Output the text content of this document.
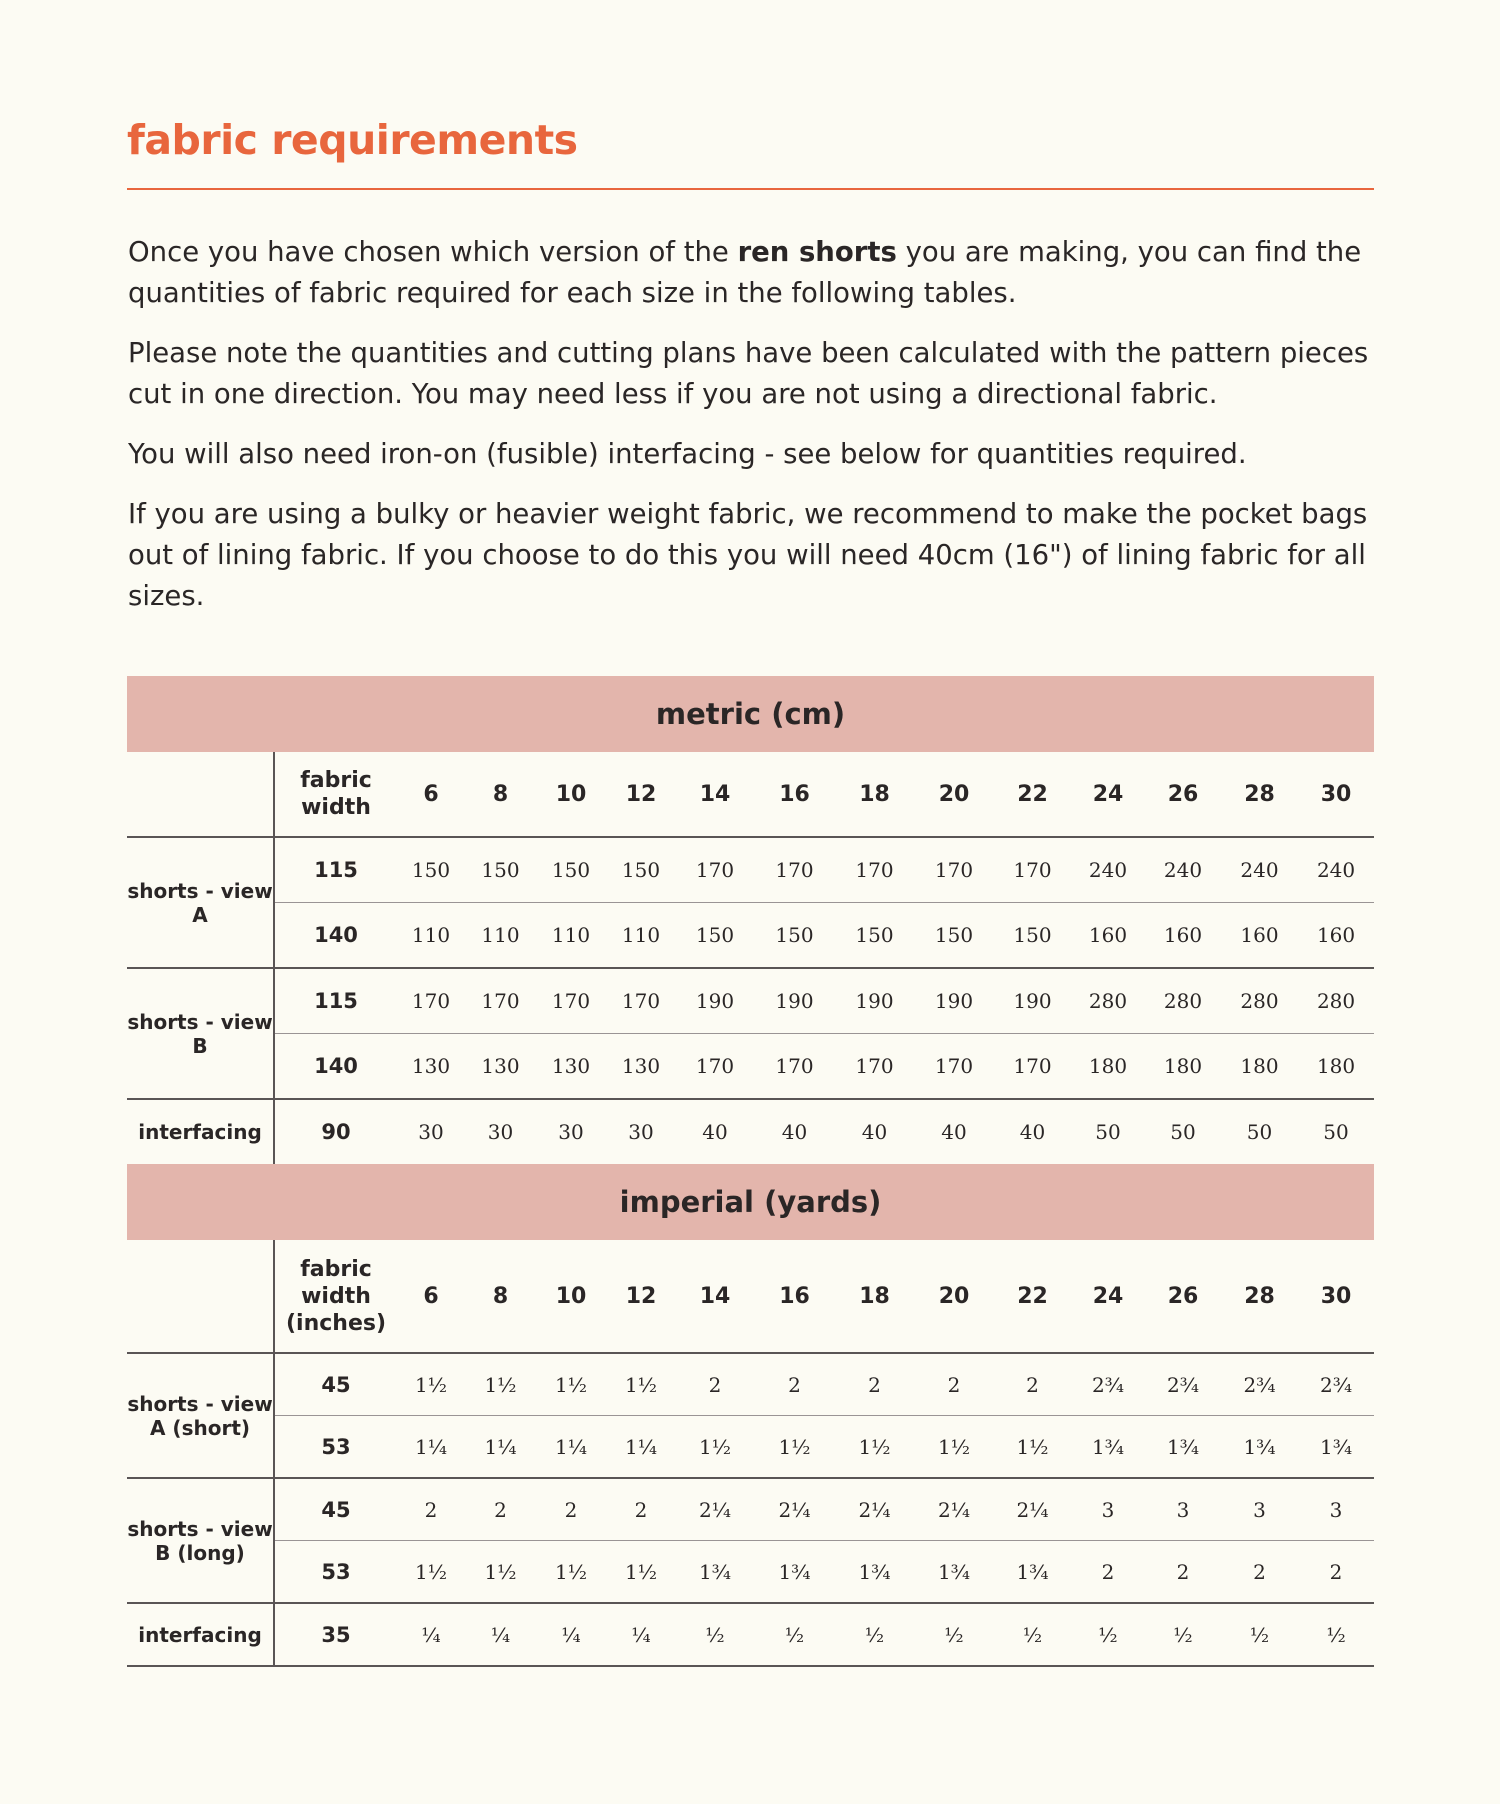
fabric requirements

Once you have chosen which version of the ren shorts you are making, you can find the quantities of fabric required for each size in the following tables.

Please note the quantities and cutting plans have been calculated with the pattern pieces cut in one direction. You may need less if you are not using a directional fabric.

You will also need iron-on (fusible) interfacing - see below for quantities required.

If you are using a bulky or heavier weight fabric, we recommend to make the pocket bags out of lining fabric. If you choose to do this you will need 40cm (16") of lining fabric for all sizes.

metric (cm)														
	fabric width	6	8	10	12	14	16	18	20	22	24	26	28	30
shorts - view A	115	150	150	150	150	170	170	170	170	170	240	240	240	240
	140	110	110	110	110	150	150	150	150	150	160	160	160	160
shorts - view B	115	170	170	170	170	190	190	190	190	190	280	280	280	280
	140	130	130	130	130	170	170	170	170	170	180	180	180	180
interfacing	90	30	30	30	30	40	40	40	40	40	50	50	50	50
imperial (yards)														
	fabric width (inches)	6	8	10	12	14	16	18	20	22	24	26	28	30
shorts - view A (short)	45	1½	1½	1½	1½	2	2	2	2	2	2¾	2¾	2¾	2¾
	53	1¼	1¼	1¼	1¼	1½	1½	1½	1½	1½	1¾	1¾	1¾	1¾
shorts - view B (long)	45	2	2	2	2	2¼	2¼	2¼	2¼	2¼	3	3	3	3
	53	1½	1½	1½	1½	1¾	1¾	1¾	1¾	1¾	2	2	2	2
interfacing	35	¼	¼	¼	¼	½	½	½	½	½	½	½	½	½
